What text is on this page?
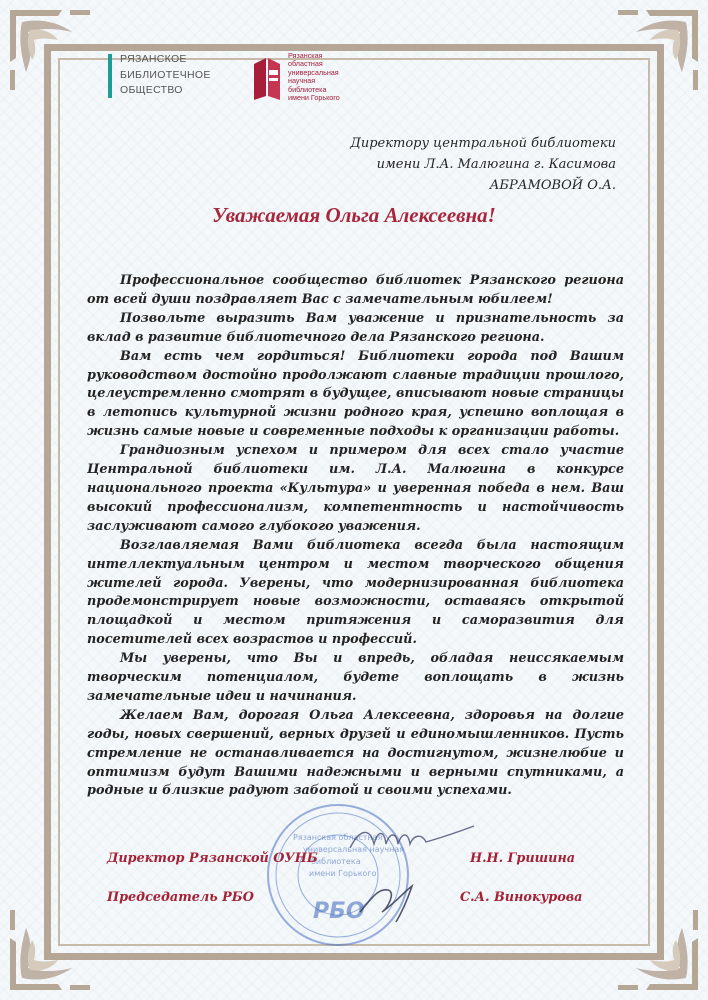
РЯЗАНСКОЕ
БИБЛИОТЕЧНОЕ
ОБЩЕСТВО
Рязанская
областная
универсальная
научная
библиотека
имени Горького
Директору центральной библиотеки
имени Л.А. Малюгина г. Касимова
АБРАМОВОЙ О.А.
Уважаемая Ольга Алексеевна!

Профессиональное сообщество библиотек Рязанского региона от всей души поздравляет Вас с замечательным юбилеем!

Позвольте выразить Вам уважение и признательность за вклад в развитие библиотечного дела Рязанского региона.

Вам есть чем гордиться! Библиотеки города под Вашим руководством достойно продолжают славные традиции прошлого, целеустремленно смотрят в будущее, вписывают новые страницы в летопись культурной жизни родного края, успешно воплощая в жизнь самые новые и современные подходы к организации работы.

Грандиозным успехом и примером для всех стало участие Центральной библиотеки им. Л.А. Малюгина в конкурсе национального проекта «Культура» и уверенная победа в нем. Ваш высокий профессионализм, компетентность и настойчивость заслуживают самого глубокого уважения.

Возглавляемая Вами библиотека всегда была настоящим интеллектуальным центром и местом творческого общения жителей города. Уверены, что модернизированная библиотека продемонстрирует новые возможности, оставаясь открытой площадкой и местом притяжения и саморазвития для посетителей всех возрастов и профессий.

Мы уверены, что Вы и впредь, обладая неиссякаемым творческим потенциалом, будете воплощать в жизнь замечательные идеи и начинания.

Желаем Вам, дорогая Ольга Алексеевна, здоровья на долгие годы, новых свершений, верных друзей и единомышленников. Пусть стремление не останавливается на достигнутом, жизнелюбие и оптимизм будут Вашими надежными и верными спутниками, а родные и близкие радуют заботой и своими успехами.

Рязанская областная
универсальная научная
библиотека
имени Горького
РБО
Директор Рязанской ОУНБ	Н.Н. Гришина
Председатель РБО	С.А. Винокурова
